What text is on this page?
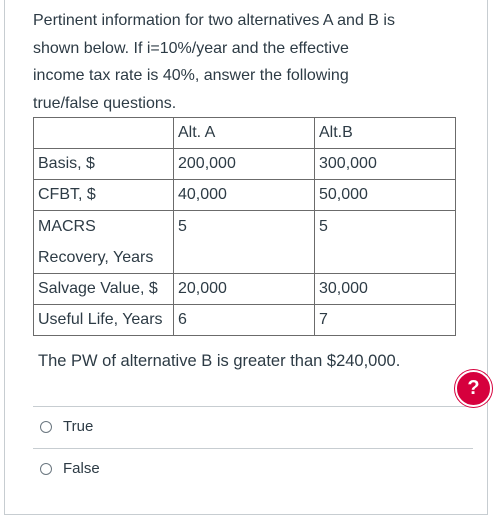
Pertinent information for two alternatives A and B is
shown below. If i=10%/year and the effective
income tax rate is 40%, answer the following
true/false questions.
	Alt. A	Alt.B
Basis, $	200,000	300,000
CFBT, $	40,000	50,000

MACRS
Recovery, Years	5	5

Salvage Value, $	20,000	30,000
Useful Life, Years	6	7
The PW of alternative B is greater than $240,000.
True
False
?
